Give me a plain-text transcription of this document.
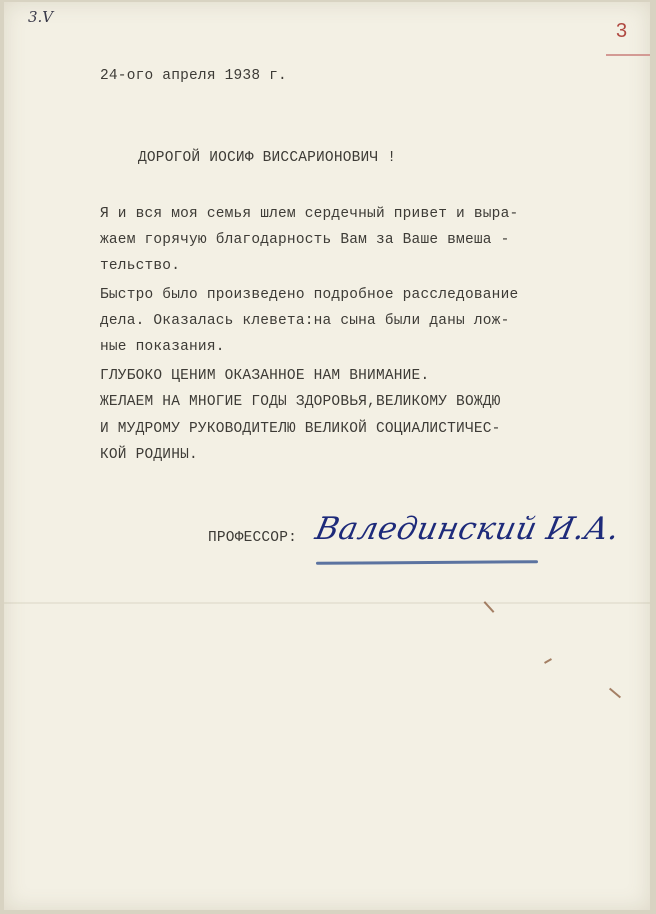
3.V
3
24-ого апреля 1938 г.
ДОРОГОЙ ИОСИФ ВИССАРИОНОВИЧ !
Я и вся моя семья шлем сердечный привет и выра-
жаем горячую благодарность Вам за Ваше вмеша -
тельство.
Быстро было произведено подробное расследование
дела. Оказалась клевета:на сына были даны лож-
ные показания.
ГЛУБОКО ЦЕНИМ ОКАЗАННОЕ НАМ ВНИМАНИЕ.
ЖЕЛАЕМ НА МНОГИЕ ГОДЫ ЗДОРОВЬЯ,ВЕЛИКОМУ ВОЖДЮ
И МУДРОМУ РУКОВОДИТЕЛЮ ВЕЛИКОЙ СОЦИАЛИСТИЧЕС-
КОЙ РОДИНЫ.
ПРОФЕССОР: Валединский И.А.
